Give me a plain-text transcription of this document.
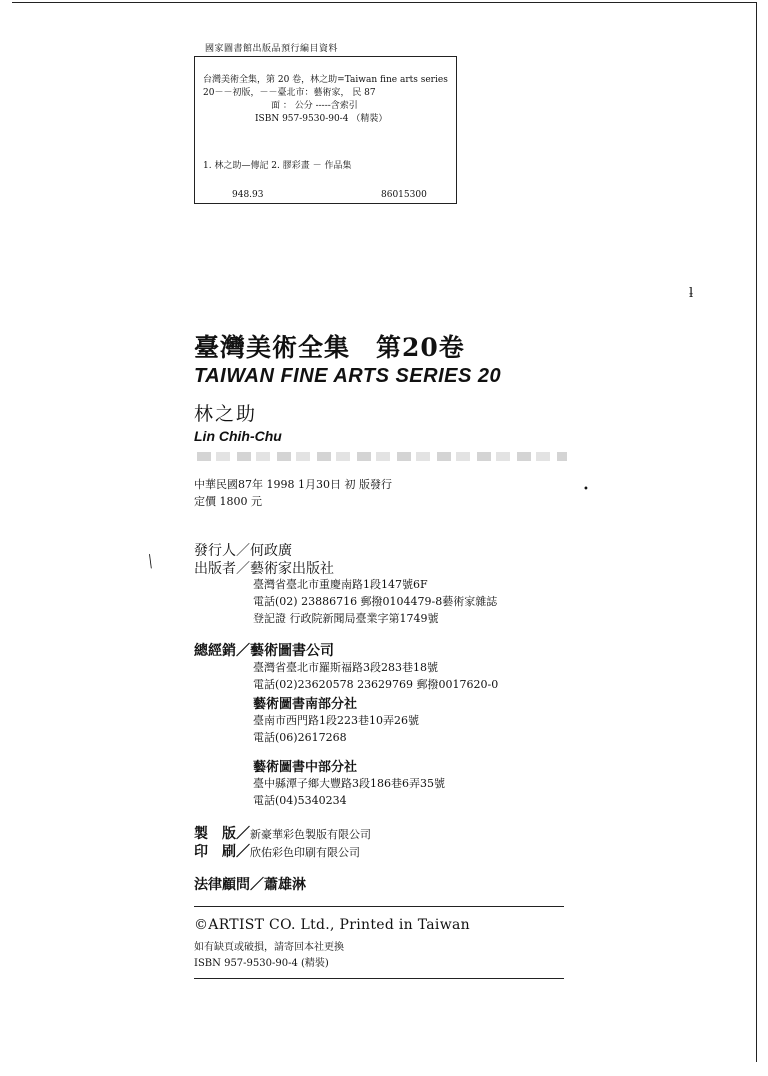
國家圖書館出版品預行編目資料
台灣美術全集，第 20 卷，林之助=Taiwan fine arts series
20－－初版，－－臺北市：藝術家， 民 87
面 ： 公分 -----含索引
ISBN 957-9530-90-4 （精裝）
1. 林之助—傳記 2. 膠彩畫 － 作品集
948.93	86015300
ƚ
臺灣美術全集　第20卷
TAIWAN FINE ARTS SERIES 20
林之助
Lin Chih-Chu
中華民國87年 1998 1月30日 初 版發行
定價 1800 元
•
╲
發行人／何政廣
出版者／藝術家出版社
臺灣省臺北市重慶南路1段147號6F
電話(02) 23886716 郵撥0104479-8藝術家雜誌
登記證 行政院新聞局臺業字第1749號
總經銷／藝術圖書公司
臺灣省臺北市羅斯福路3段283巷18號
電話(02)23620578 23629769 郵撥0017620-0
藝術圖書南部分社
臺南市西門路1段223巷10弄26號
電話(06)2617268
藝術圖書中部分社
臺中縣潭子鄉大豐路3段186巷6弄35號
電話(04)5340234
製　版／新豪華彩色製版有限公司
印　刷／欣佑彩色印刷有限公司
法律顧問／蕭雄淋
©ARTIST CO. Ltd., Printed in Taiwan
如有缺頁或破損，請寄回本社更換
ISBN 957-9530-90-4 (精裝)
